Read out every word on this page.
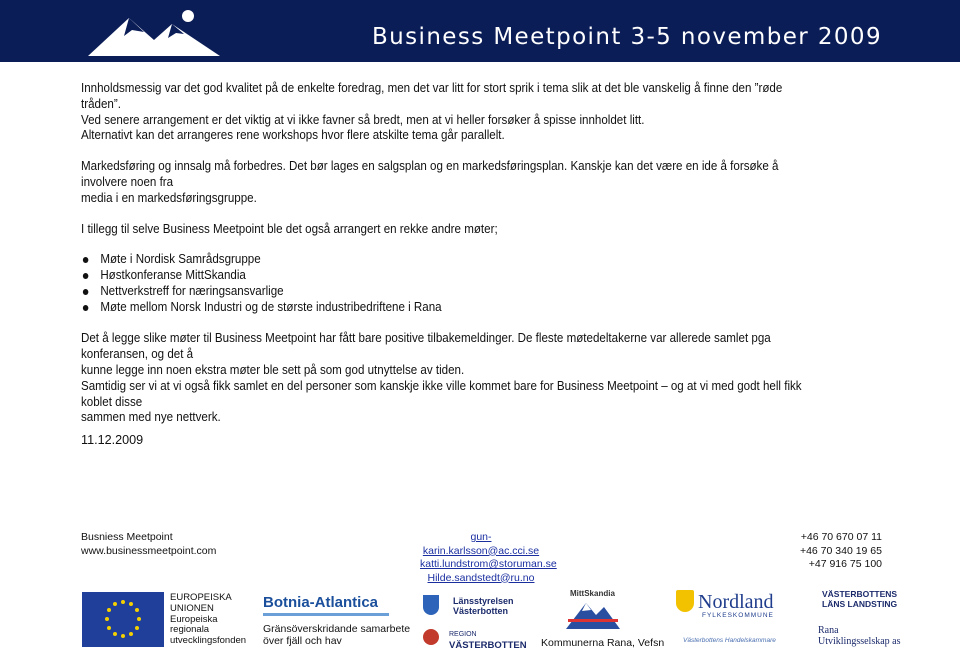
Business Meetpoint 3-5 november 2009

Innholdsmessig var det god kvalitet på de enkelte foredrag, men det var litt for stort sprik i tema slik at det ble vanskelig å finne den ”røde tråden”.

Ved senere arrangement er det viktig at vi ikke favner så bredt, men at vi heller forsøker å spisse innholdet litt.

Alternativt kan det arrangeres rene workshops hvor flere atskilte tema går parallelt.

Markedsføring og innsalg må forbedres. Det bør lages en salgsplan og en markedsføringsplan. Kanskje kan det være en ide å forsøke å involvere noen fra

media i en markedsføringsgruppe.

I tillegg til selve Business Meetpoint ble det også arrangert en rekke andre møter;

Møte i Nordisk Samrådsgruppe
Høstkonferanse MittSkandia
Nettverkstreff for næringsansvarlige
Møte mellom Norsk Industri og de største industribedriftene i Rana

Det å legge slike møter til Business Meetpoint har fått bare positive tilbakemeldinger. De fleste møtedeltakerne var allerede samlet pga konferansen, og det å

kunne legge inn noen ekstra møter ble sett på som god utnyttelse av tiden.

Samtidig ser vi at vi også fikk samlet en del personer som kanskje ikke ville kommet bare for Business Meetpoint – og at vi med godt hell fikk koblet disse

sammen med nye nettverk.

11.12.2009
Busniess Meetpoint
www.businessmeetpoint.com
gun-karin.karlsson@ac.cci.se
katti.lundstrom@storuman.se
Hilde.sandstedt@ru.no
+46 70 670 07 11
+46 70 340 19 65
+47 916 75 100
EUROPEISKA
UNIONEN
Europeiska
regionala
utvecklingsfonden
Botnia-Atlantica
Gränsöverskridande samarbete
över fjäll och hav
Länsstyrelsen
Västerbotten
REGION
VÄSTERBOTTEN
MittSkandia
Kommunerna Rana, Vefsn
Nordland
FYLKESKOMMUNE
Västerbottens Handelskammare
VÄSTERBOTTENS
LÄNS LANDSTING
Rana
Utviklingsselskap as
